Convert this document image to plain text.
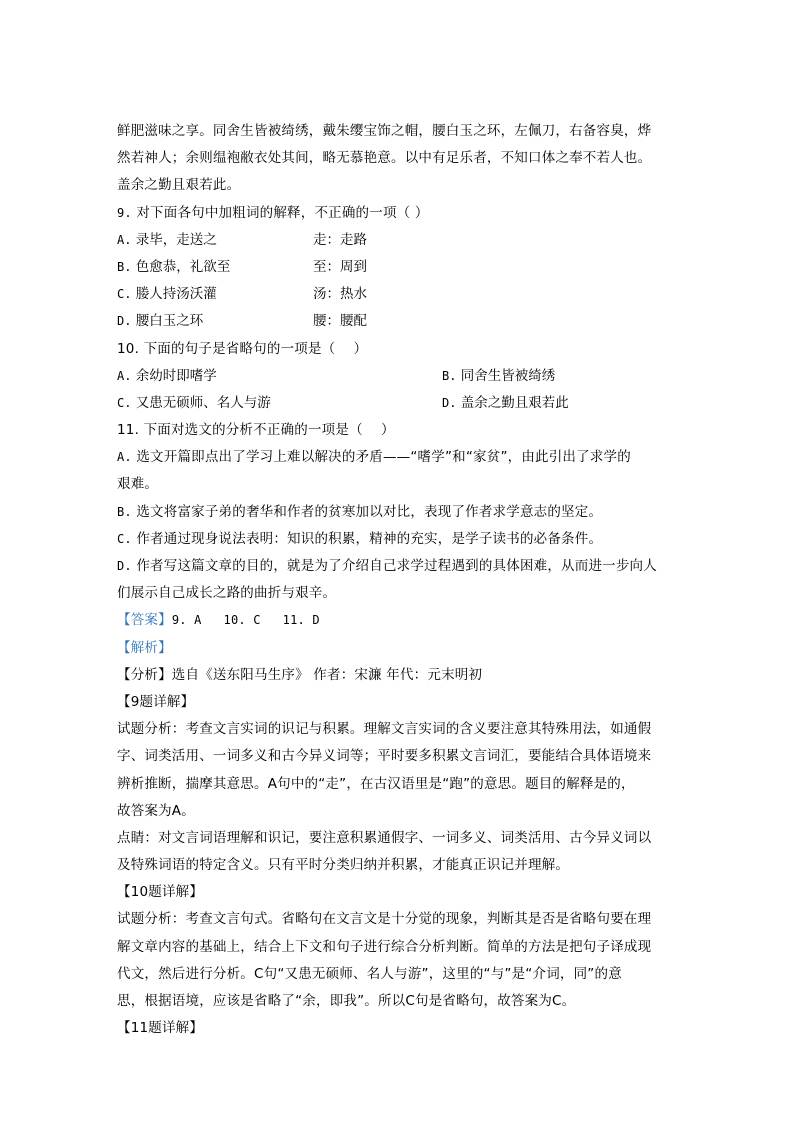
鲜肥滋味之享。同舍生皆被绮绣，戴朱缨宝饰之帽，腰白玉之环，左佩刀，右备容臭，烨
然若神人；余则缊袍敝衣处其间，略无慕艳意。以中有足乐者，不知口体之奉不若人也。
盖余之勤且艰若此。
9. 对下面各句中加粗词的解释，不正确的一项（ ）
A. 录毕，走送之	走：走路
B. 色愈恭，礼欲至	至：周到
C. 媵人持汤沃灌	汤：热水
D. 腰白玉之环	腰：腰配
10. 下面的句子是省略句的一项是（　 ）
A. 余幼时即嗜学	B. 同舍生皆被绮绣
C. 又患无硕师、名人与游	D. 盖余之勤且艰若此
11. 下面对选文的分析不正确的一项是（　 ）
A. 选文开篇即点出了学习上难以解决的矛盾——“嗜学”和“家贫”，由此引出了求学的
艰难。
B. 选文将富家子弟的奢华和作者的贫寒加以对比，表现了作者求学意志的坚定。
C. 作者通过现身说法表明：知识的积累，精神的充实，是学子读书的必备条件。
D. 作者写这篇文章的目的，就是为了介绍自己求学过程遇到的具体困难，从而进一步向人
们展示自己成长之路的曲折与艰辛。
【答案】9. A 10. C 11. D
【解析】
【分析】选自《送东阳马生序》 作者：宋濂 年代：元末明初
【9题详解】
试题分析：考查文言实词的识记与积累。理解文言实词的含义要注意其特殊用法，如通假
字、词类活用、一词多义和古今异义词等；平时要多积累文言词汇，要能结合具体语境来
辨析推断，揣摩其意思。A句中的“走”，在古汉语里是“跑”的意思。题目的解释是的，
故答案为A。
点睛：对文言词语理解和识记，要注意积累通假字、一词多义、词类活用、古今异义词以
及特殊词语的特定含义。只有平时分类归纳并积累，才能真正识记并理解。
【10题详解】
试题分析：考查文言句式。省略句在文言文是十分觉的现象，判断其是否是省略句要在理
解文章内容的基础上，结合上下文和句子进行综合分析判断。简单的方法是把句子译成现
代文，然后进行分析。C句“又患无硕师、名人与游”，这里的“与”是“介词，同”的意
思，根据语境，应该是省略了“余，即我”。所以C句是省略句，故答案为C。
【11题详解】
